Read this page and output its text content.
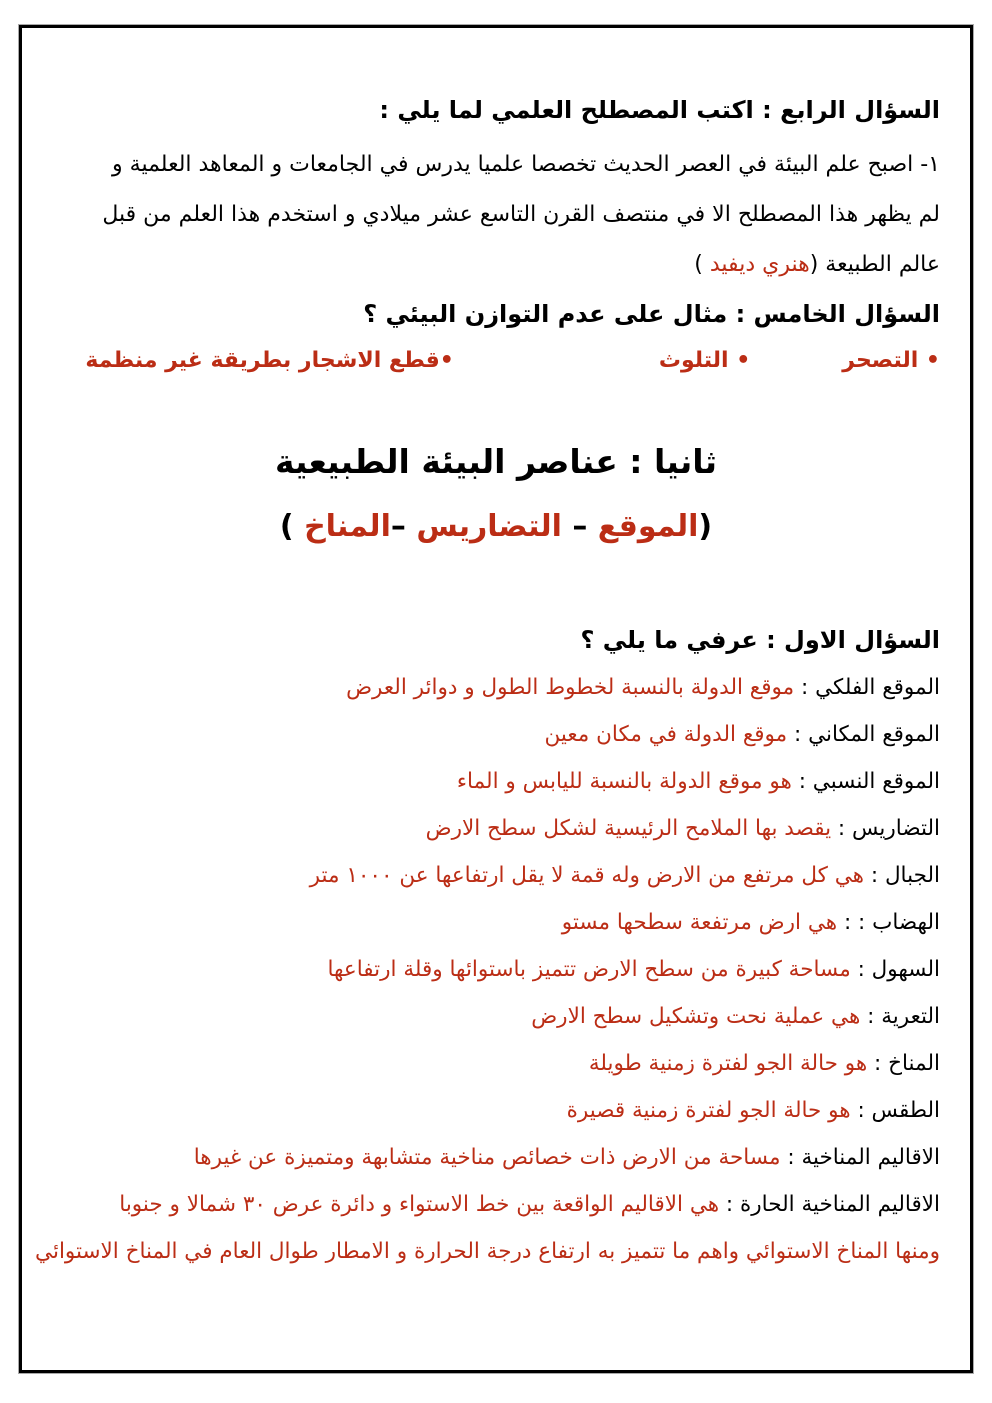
السؤال الرابع : اكتب المصطلح العلمي لما يلي :
١- اصبح علم البيئة في العصر الحديث تخصصا علميا يدرس في الجامعات و المعاهد العلمية و
لم يظهر هذا المصطلح الا في منتصف القرن التاسع عشر ميلادي و استخدم هذا العلم من قبل
عالم الطبيعة (هنري ديفيد )
السؤال الخامس : مثال على عدم التوازن البيئي ؟
• التصحر
• التلوث
•قطع الاشجار بطريقة غير منظمة
ثانيا : عناصر البيئة الطبيعية
(الموقع – التضاريس –المناخ )
السؤال الاول : عرفي ما يلي ؟
الموقع الفلكي : موقع الدولة بالنسبة لخطوط الطول و دوائر العرض
الموقع المكاني : موقع الدولة في مكان معين
الموقع النسبي : هو موقع الدولة بالنسبة لليابس و الماء
التضاريس : يقصد بها الملامح الرئيسية لشكل سطح الارض
الجبال : هي كل مرتفع من الارض وله قمة لا يقل ارتفاعها عن ١٠٠٠ متر
الهضاب : : هي ارض مرتفعة سطحها مستو
السهول : مساحة كبيرة من سطح الارض تتميز باستوائها وقلة ارتفاعها
التعرية : هي عملية نحت وتشكيل سطح الارض
المناخ : هو حالة الجو لفترة زمنية طويلة
الطقس : هو حالة الجو لفترة زمنية قصيرة
الاقاليم المناخية : مساحة من الارض ذات خصائص مناخية متشابهة ومتميزة عن غيرها
الاقاليم المناخية الحارة : هي الاقاليم الواقعة بين خط الاستواء و دائرة عرض ٣٠ شمالا و جنوبا
ومنها المناخ الاستوائي واهم ما تتميز به ارتفاع درجة الحرارة و الامطار طوال العام في المناخ الاستوائي
